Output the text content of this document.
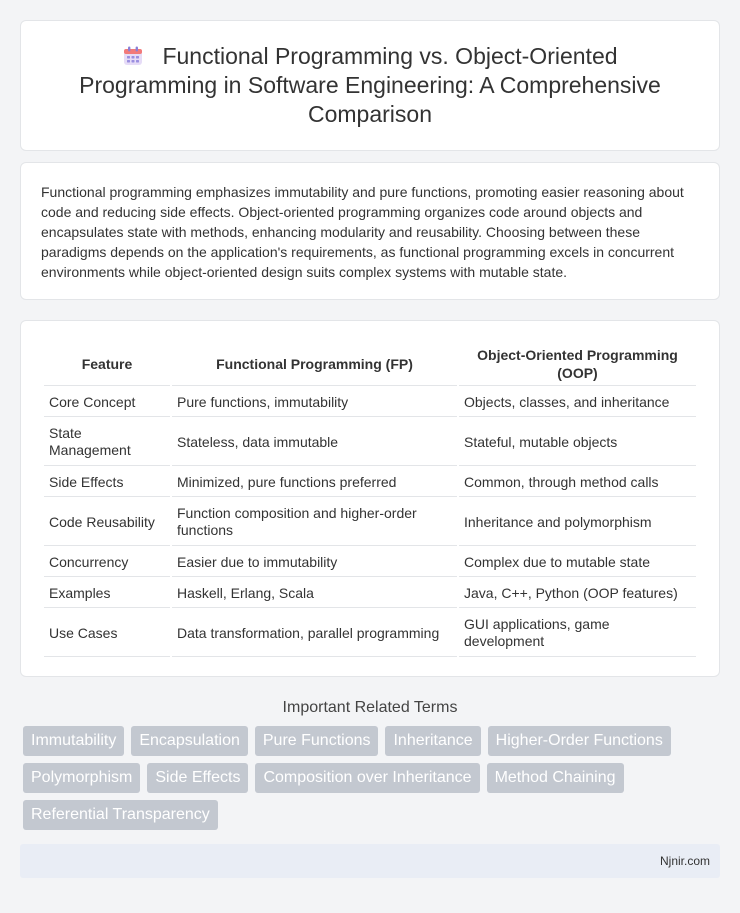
Functional Programming vs. Object-Oriented Programming in Software Engineering: A Comprehensive Comparison

Functional programming emphasizes immutability and pure functions, promoting easier reasoning about code and reducing side effects. Object-oriented programming organizes code around objects and encapsulates state with methods, enhancing modularity and reusability. Choosing between these paradigms depends on the application's requirements, as functional programming excels in concurrent environments while object-oriented design suits complex systems with mutable state.

Feature	Functional Programming (FP)	Object-Oriented Programming (OOP)
Core Concept	Pure functions, immutability	Objects, classes, and inheritance
State Management	Stateless, data immutable	Stateful, mutable objects
Side Effects	Minimized, pure functions preferred	Common, through method calls
Code Reusability	Function composition and higher-order functions	Inheritance and polymorphism
Concurrency	Easier due to immutability	Complex due to mutable state
Examples	Haskell, Erlang, Scala	Java, C++, Python (OOP features)
Use Cases	Data transformation, parallel programming	GUI applications, game development
Important Related Terms
Immutability	Encapsulation	Pure Functions	Inheritance	Higher-Order Functions
Polymorphism	Side Effects	Composition over Inheritance	Method Chaining
Referential Transparency
Njnir.com
